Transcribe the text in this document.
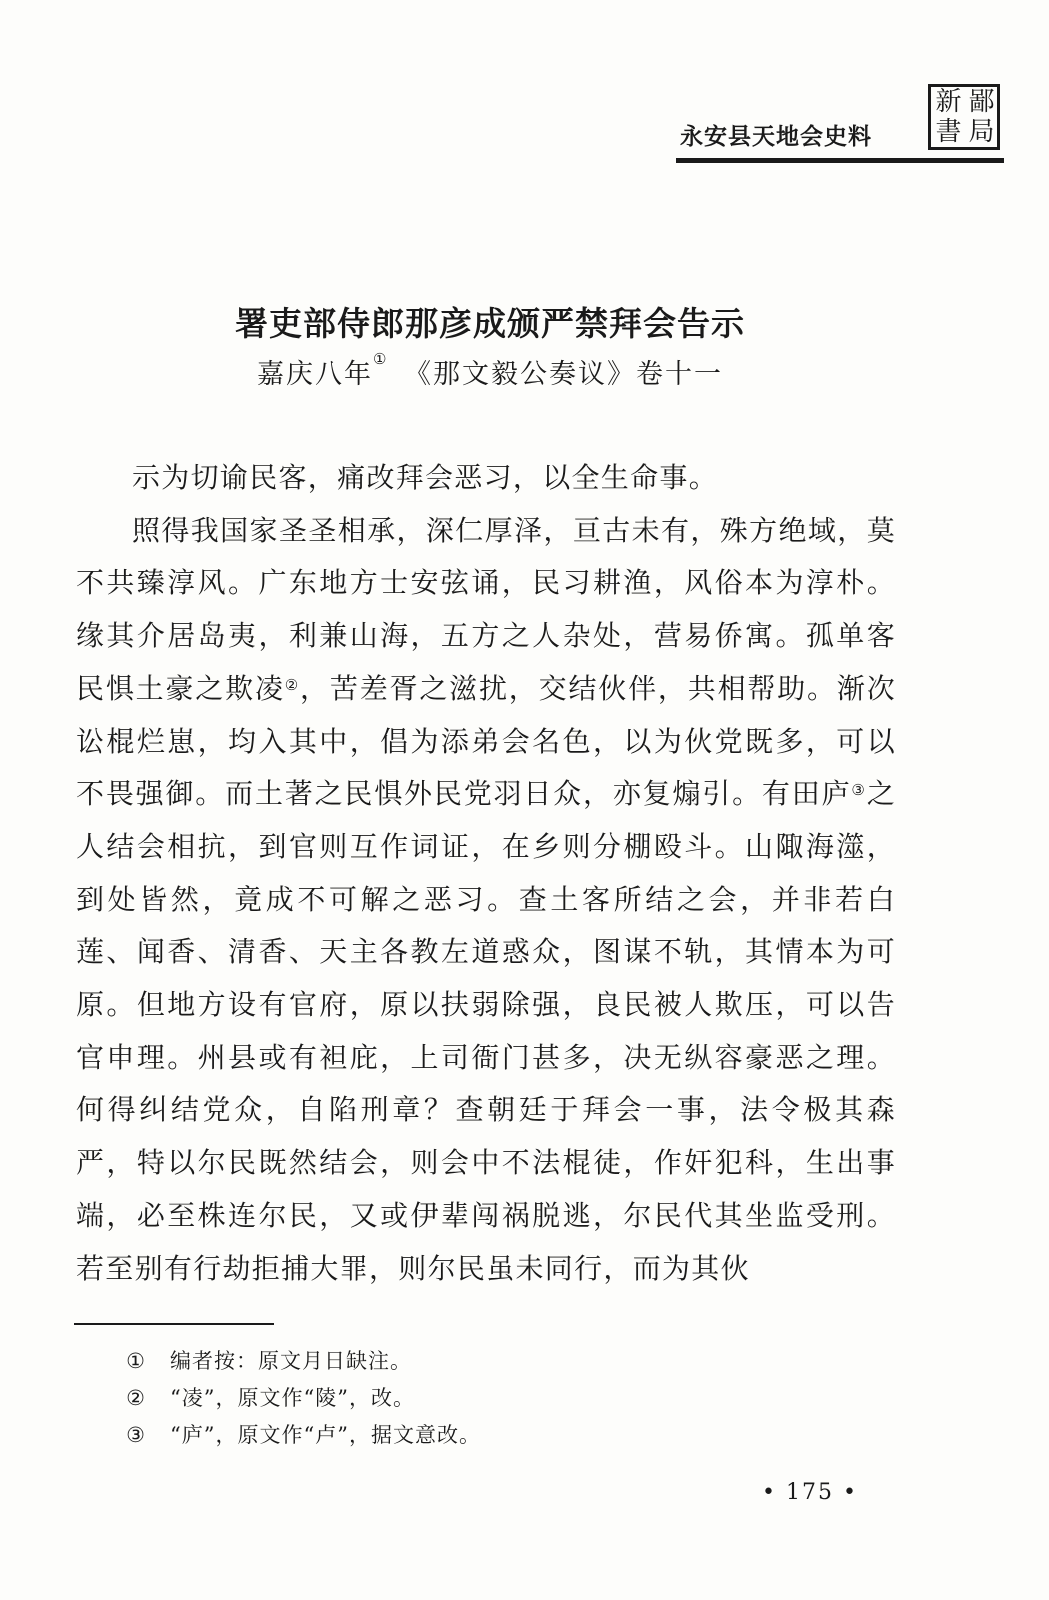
永安县天地会史料
新 鄙
書 局
署吏部侍郎那彦成颁严禁拜会告示
嘉庆八年①　 《那文毅公奏议》卷十一

示为切谕民客，痛改拜会恶习，以全生命事。

照得我国家圣圣相承，深仁厚泽，亘古未有，殊方绝域，莫不共臻淳风。广东地方士安弦诵，民习耕渔，风俗本为淳朴。缘其介居岛夷，利兼山海，五方之人杂处，营易侨寓。孤单客民惧土豪之欺凌②，苦差胥之滋扰，交结伙伴，共相帮助。渐次讼棍烂崽，均入其中，倡为添弟会名色，以为伙党既多，可以不畏强御。而土著之民惧外民党羽日众，亦复煽引。有田庐③之人结会相抗，到官则互作词证，在乡则分棚殴斗。山陬海澨，到处皆然，竟成不可解之恶习。查土客所结之会，并非若白莲、闻香、清香、天主各教左道惑众，图谋不轨，其情本为可原。但地方设有官府，原以扶弱除强，良民被人欺压，可以告官申理。州县或有袒庇，上司衙门甚多，决无纵容豪恶之理。何得纠结党众，自陷刑章？查朝廷于拜会一事，法令极其森严，特以尔民既然结会，则会中不法棍徒，作奸犯科，生出事端，必至株连尔民，又或伊辈闯祸脱逃，尔民代其坐监受刑。若至别有行劫拒捕大罪，则尔民虽未同行，而为其伙

① 编者按：原文月日缺注。
② “凌”，原文作“陵”，改。
③ “庐”，原文作“卢”，据文意改。
• 175 •
